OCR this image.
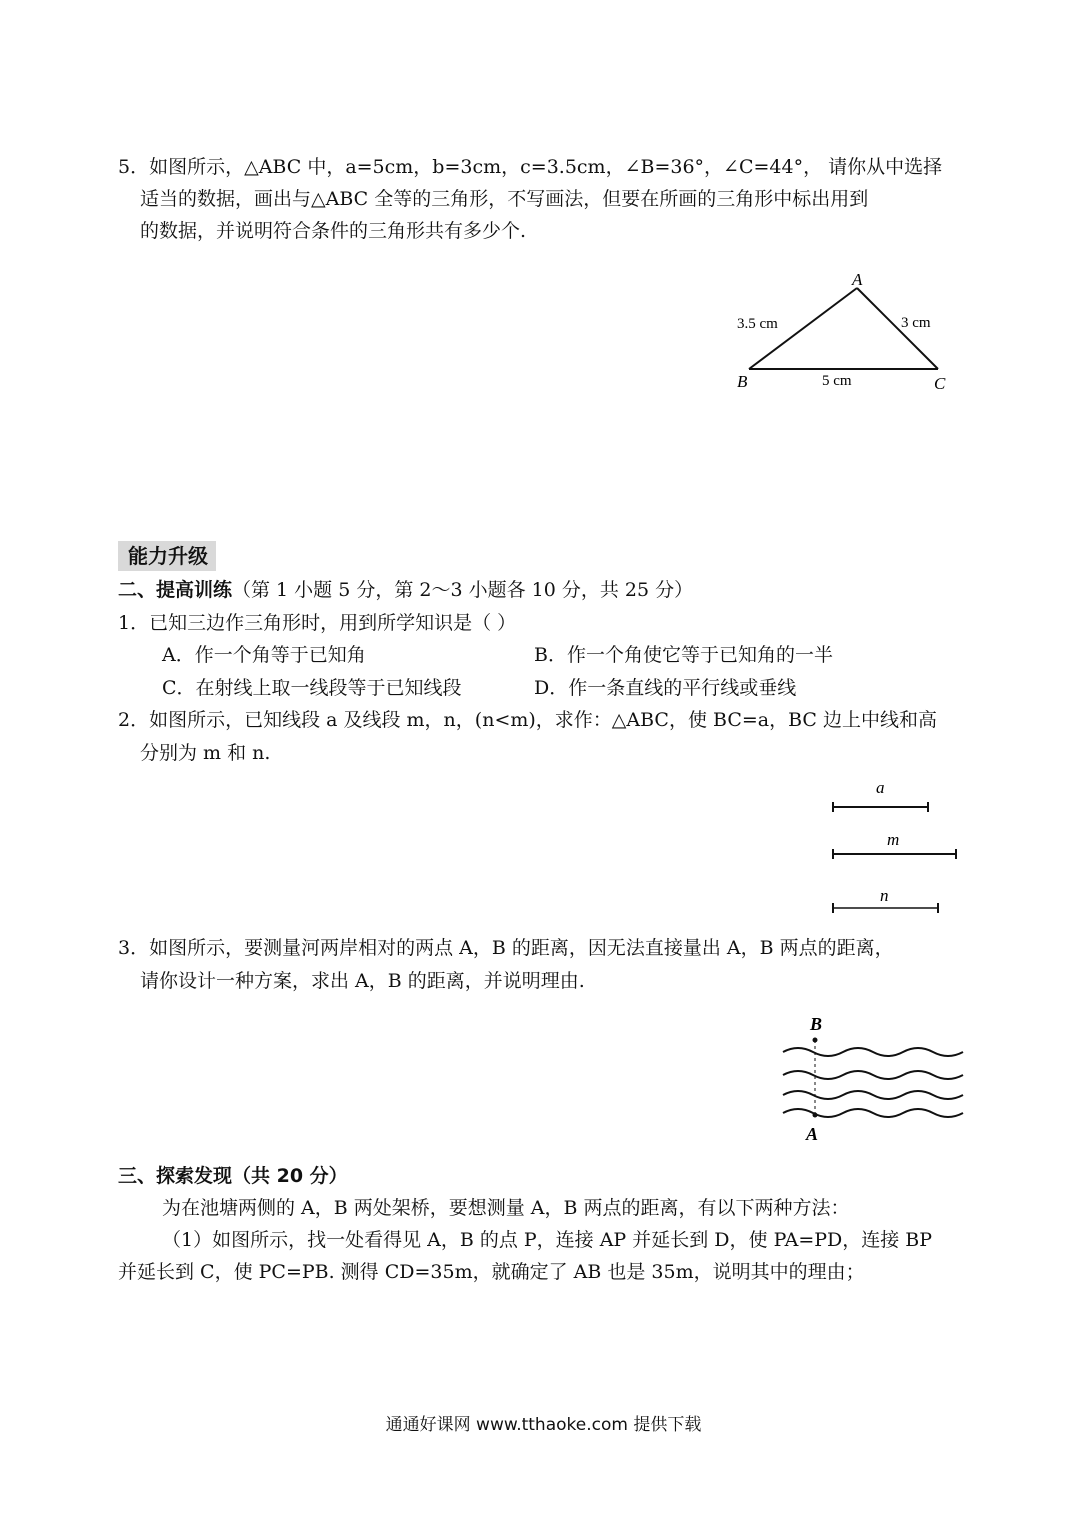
5．如图所示，△ABC 中，a=5cm，b=3cm，c=3.5cm，∠B=36°，∠C=44°， 请你从中选择
适当的数据，画出与△ABC 全等的三角形，不写画法，但要在所画的三角形中标出用到
的数据，并说明符合条件的三角形共有多少个.
A
B	C
3.5 cm	3 cm
5 cm
能力升级
二、提高训练（第 1 小题 5 分，第 2～3 小题各 10 分，共 25 分）
1．已知三边作三角形时，用到所学知识是（ ）
A．作一个角等于已知角	B．作一个角使它等于已知角的一半
C．在射线上取一线段等于已知线段	D．作一条直线的平行线或垂线
2．如图所示，已知线段 a 及线段 m，n，(n<m)，求作：△ABC，使 BC=a，BC 边上中线和高
分别为 m 和 n.
a
m
n
3．如图所示，要测量河两岸相对的两点 A，B 的距离，因无法直接量出 A，B 两点的距离，
请你设计一种方案，求出 A，B 的距离，并说明理由.
B
A
三、探索发现（共 20 分）
为在池塘两侧的 A，B 两处架桥，要想测量 A，B 两点的距离，有以下两种方法：
（1）如图所示，找一处看得见 A，B 的点 P，连接 AP 并延长到 D，使 PA=PD，连接 BP
并延长到 C，使 PC=PB. 测得 CD=35m，就确定了 AB 也是 35m，说明其中的理由；
通通好课网 www.tthaoke.com 提供下载
